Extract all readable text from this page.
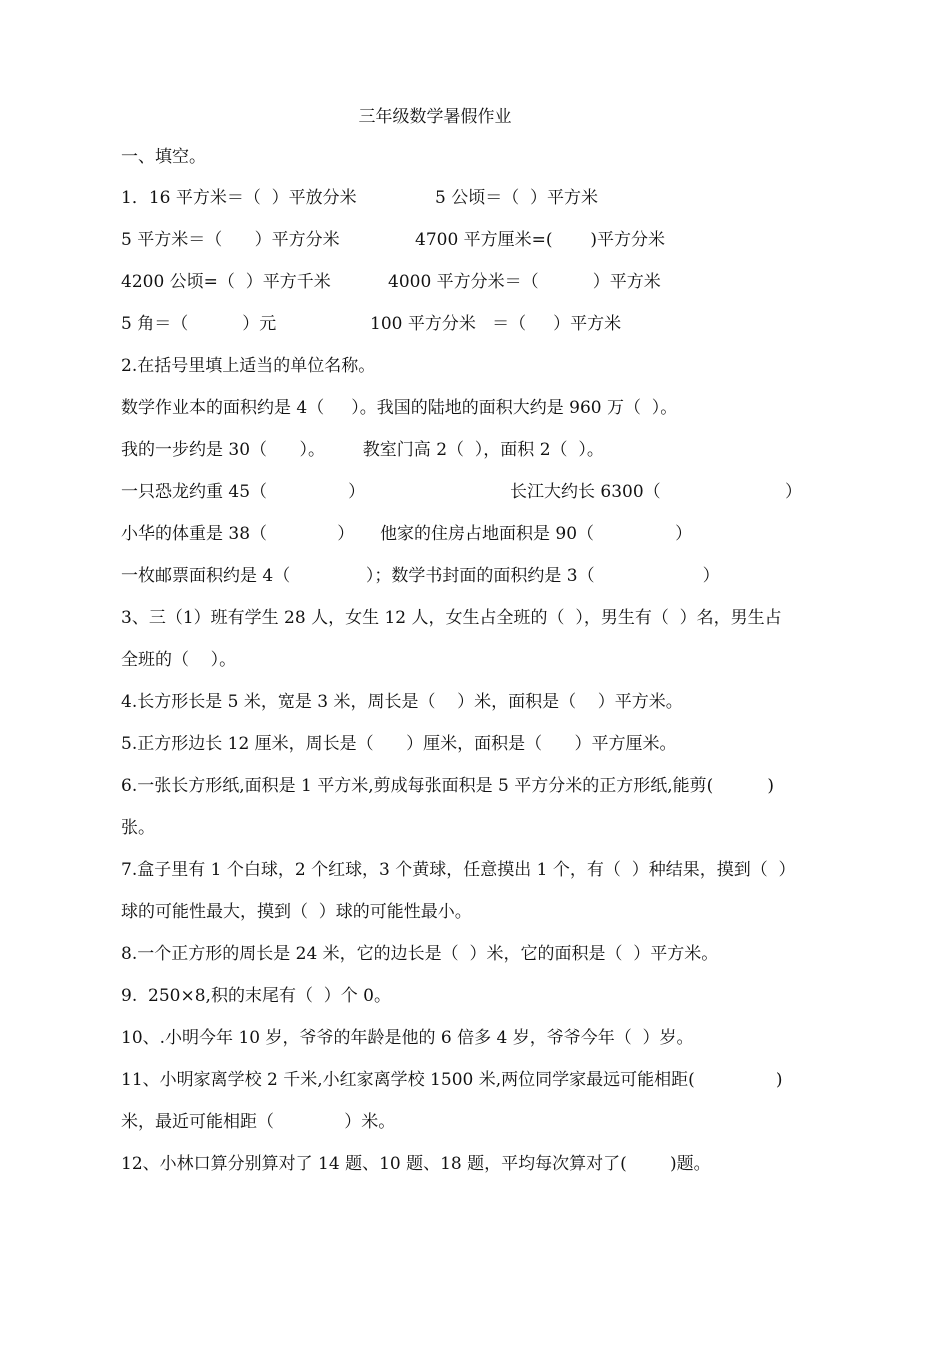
三年级数学暑假作业
一、填空。
1．16 平方米＝（  ）平放分米	5 公顷＝（  ）平方米
5 平方米＝（      ）平方分米	4700 平方厘米=(       )平方分米
4200 公顷=（  ）平方千米	4000 平方分米＝（          ）平方米
5 角＝（          ）元	100 平方分米   ＝（     ）平方米
2.在括号里填上适当的单位名称。
数学作业本的面积约是 4（     ）。我国的陆地的面积大约是 960 万（  ）。
我的一步约是 30（      ）。       教室门高 2（  ），面积 2（  ）。
一只恐龙约重 45（               ）	长江大约长 6300（                       ）
小华的体重是 38（             ） 他家的住房占地面积是 90（               ）
一枚邮票面积约是 4（              ）；数学书封面的面积约是 3（                    ）
3、三（1）班有学生 28 人，女生 12 人，女生占全班的（  ），男生有（  ）名，男生占
全班的（    ）。
4.长方形长是 5 米，宽是 3 米，周长是（    ）米，面积是（    ）平方米。
5.正方形边长 12 厘米，周长是（      ）厘米，面积是（      ）平方厘米。
6.一张长方形纸,面积是 1 平方米,剪成每张面积是 5 平方分米的正方形纸,能剪(          )
张。
7.盒子里有 1 个白球，2 个红球，3 个黄球，任意摸出 1 个，有（  ）种结果，摸到（  ）
球的可能性最大，摸到（  ）球的可能性最小。
8.一个正方形的周长是 24 米，它的边长是（  ）米，它的面积是（  ）平方米。
9.  250×8,积的末尾有（  ）个 0。
10、.小明今年 10 岁，爷爷的年龄是他的 6 倍多 4 岁，爷爷今年（  ）岁。
11、小明家离学校 2 千米,小红家离学校 1500 米,两位同学家最远可能相距(               )
米，最近可能相距（             ）米。
12、小林口算分别算对了 14 题、10 题、18 题，平均每次算对了(        )题。
